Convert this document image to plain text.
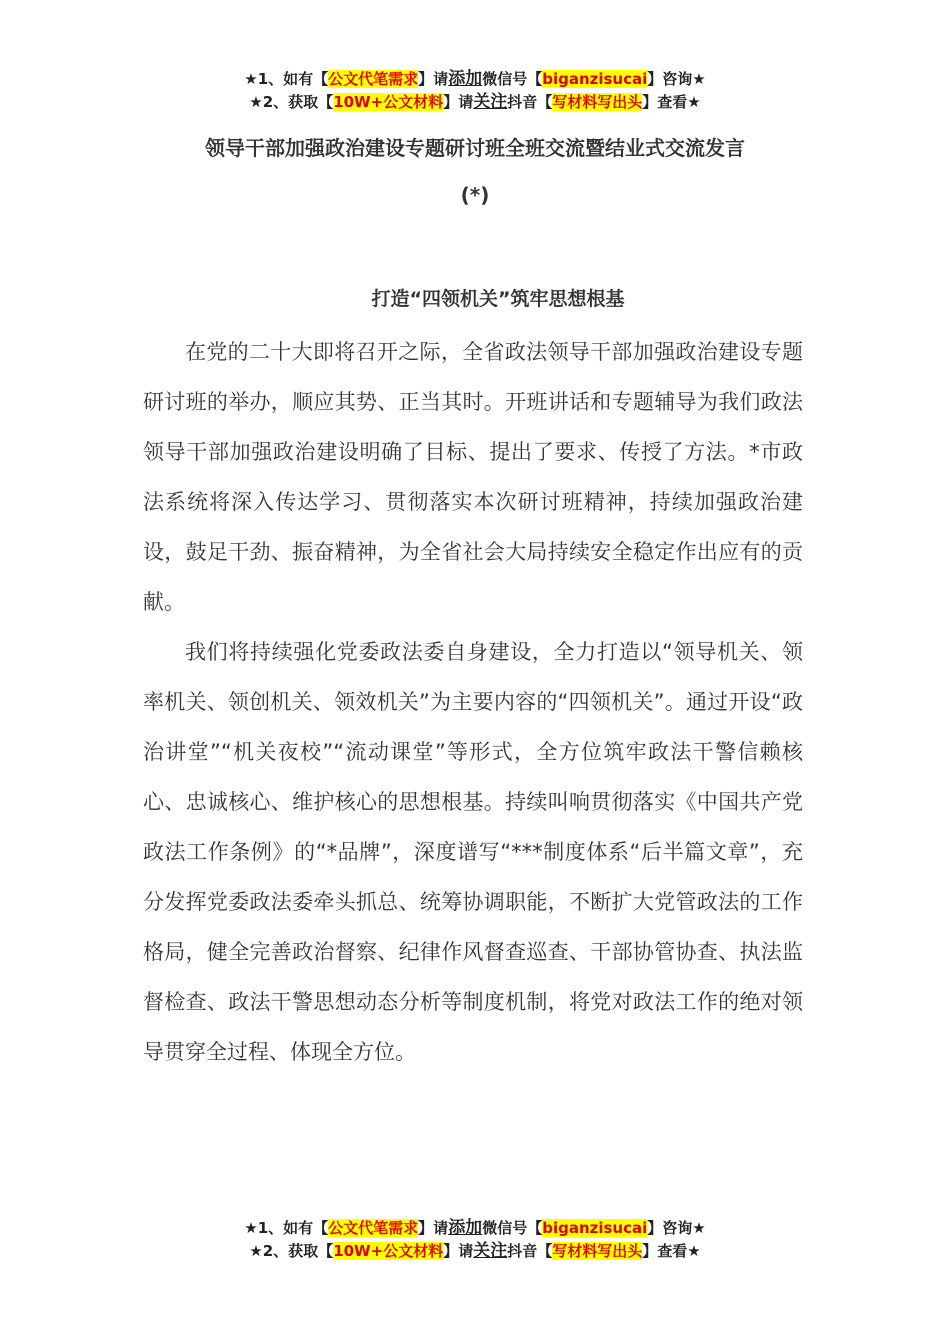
★1、如有【公文代笔需求】请添加微信号【biganzisucai】咨询★
★2、获取【10W+公文材料】请关注抖音【写材料写出头】查看★
领导干部加强政治建设专题研讨班全班交流暨结业式交流发言
(*)
打造“四领机关”筑牢思想根基

在党的二十大即将召开之际，全省政法领导干部加强政治建设专题研讨班的举办，顺应其势、正当其时。开班讲话和专题辅导为我们政法领导干部加强政治建设明确了目标、提出了要求、传授了方法。*市政法系统将深入传达学习、贯彻落实本次研讨班精神，持续加强政治建设，鼓足干劲、振奋精神，为全省社会大局持续安全稳定作出应有的贡献。

我们将持续强化党委政法委自身建设，全力打造以“领导机关、领率机关、领创机关、领效机关”为主要内容的“四领机关”。通过开设“政治讲堂”“机关夜校”“流动课堂”等形式，全方位筑牢政法干警信赖核心、忠诚核心、维护核心的思想根基。持续叫响贯彻落实《中国共产党政法工作条例》的“*品牌”，深度谱写“***制度体系“后半篇文章”，充分发挥党委政法委牵头抓总、统筹协调职能，不断扩大党管政法的工作格局，健全完善政治督察、纪律作风督查巡查、干部协管协查、执法监督检查、政法干警思想动态分析等制度机制，将党对政法工作的绝对领导贯穿全过程、体现全方位。

★1、如有【公文代笔需求】请添加微信号【biganzisucai】咨询★
★2、获取【10W+公文材料】请关注抖音【写材料写出头】查看★
